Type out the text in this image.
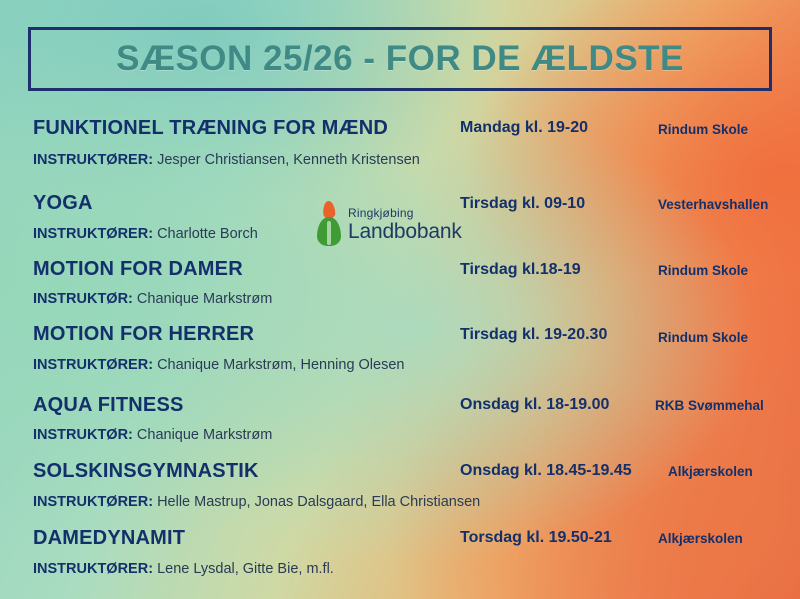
SÆSON 25/26 - FOR DE ÆLDSTE
Ringkjøbing
Landbobank
FUNKTIONEL TRÆNING FOR MÆND
INSTRUKTØRER: Jesper Christiansen, Kenneth Kristensen
Mandag kl. 19-20	Rindum Skole
YOGA
INSTRUKTØRER: Charlotte Borch
Tirsdag kl. 09-10	Vesterhavshallen
MOTION FOR DAMER
INSTRUKTØR: Chanique Markstrøm
Tirsdag kl.18-19	Rindum Skole
MOTION FOR HERRER
INSTRUKTØRER: Chanique Markstrøm, Henning Olesen
Tirsdag kl. 19-20.30	Rindum Skole
AQUA FITNESS
INSTRUKTØR: Chanique Markstrøm
Onsdag kl. 18-19.00	RKB Svømmehal
SOLSKINSGYMNASTIK
INSTRUKTØRER: Helle Mastrup, Jonas Dalsgaard, Ella Christiansen
Onsdag kl. 18.45-19.45	Alkjærskolen
DAMEDYNAMIT
INSTRUKTØRER: Lene Lysdal, Gitte Bie, m.fl.
Torsdag kl. 19.50-21	Alkjærskolen
